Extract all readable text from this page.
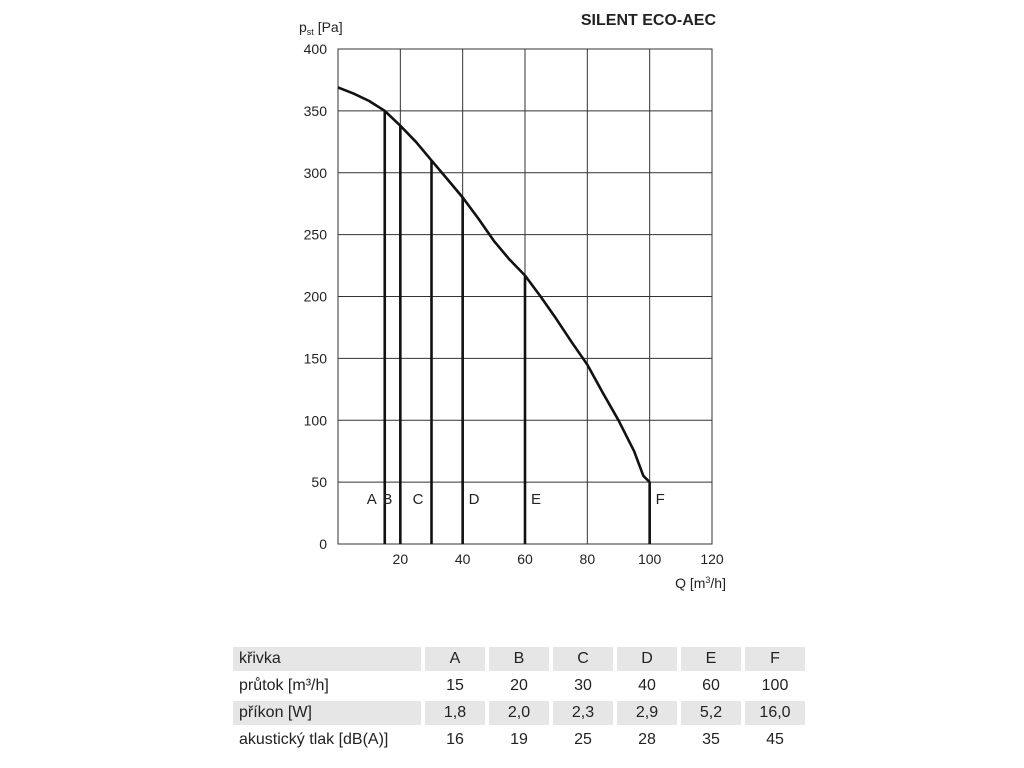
SILENT ECO-AEC
$p_{st}$ [Pa]
Q $[m^3/h]$
0
50
100
150
200
250
300
350
400
20	40	60	80	100	120
A B C	D	E	F
křivka	A	B	C	D	E	F
průtok [m³/h]	15	20	30	40	60	100
příkon [W]	1,8	2,0	2,3	2,9	5,2	16,0
akustický tlak [dB(A)]	16	19	25	28	35	45
